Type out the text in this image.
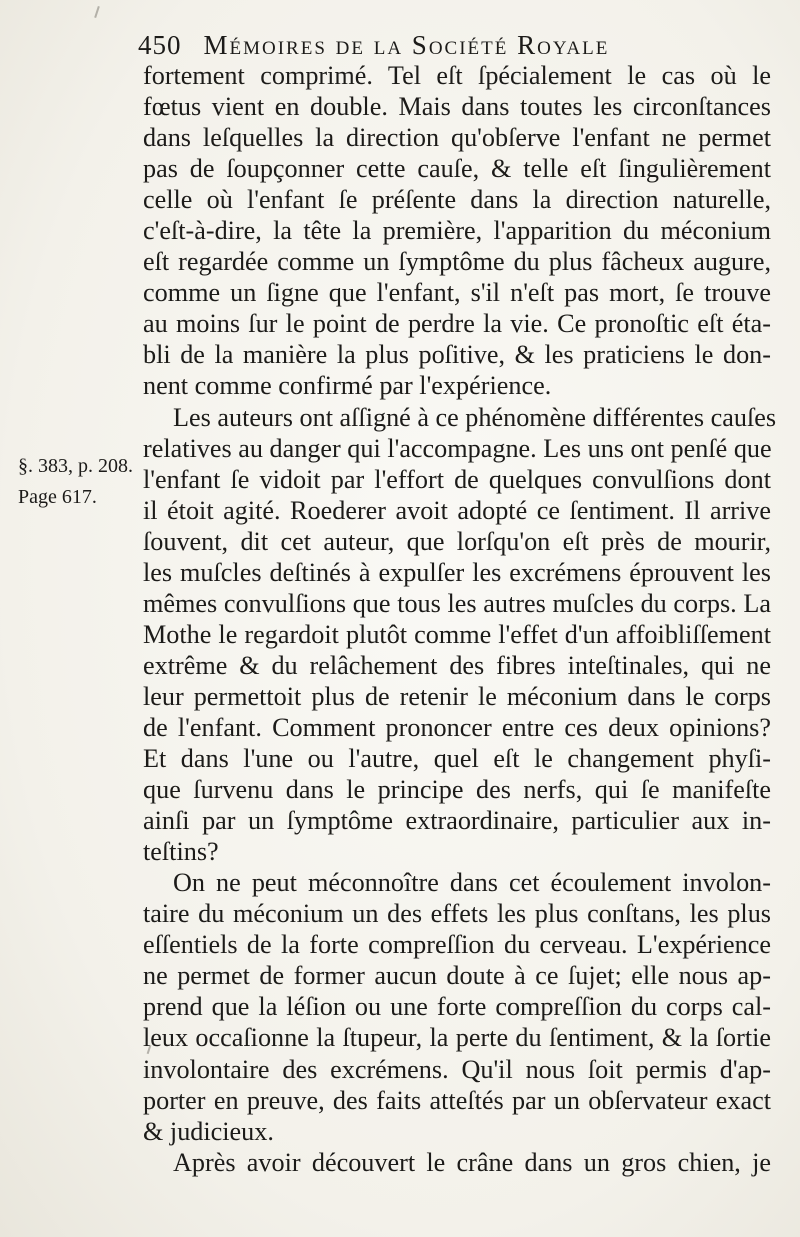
450 Mémoires de la Société Royale
§. 383, p. 208.
Page 617.
fortement comprimé. Tel eſt ſpécialement le cas où le
fœtus vient en double. Mais dans toutes les circonſtances
dans leſquelles la direction qu'obſerve l'enfant ne permet
pas de ſoupçonner cette cauſe, & telle eſt ſingulièrement
celle où l'enfant ſe préſente dans la direction naturelle,
c'eſt-à-dire, la tête la première, l'apparition du méconium
eſt regardée comme un ſymptôme du plus fâcheux augure,
comme un ſigne que l'enfant, s'il n'eſt pas mort, ſe trouve
au moins ſur le point de perdre la vie. Ce pronoſtic eſt éta-
bli de la manière la plus poſitive, & les praticiens le don-
nent comme confirmé par l'expérience.
Les auteurs ont aſſigné à ce phénomène différentes cauſes
relatives au danger qui l'accompagne. Les uns ont penſé que
l'enfant ſe vidoit par l'effort de quelques convulſions dont
il étoit agité. Roederer avoit adopté ce ſentiment. Il arrive
ſouvent, dit cet auteur, que lorſqu'on eſt près de mourir,
les muſcles deſtinés à expulſer les excrémens éprouvent les
mêmes convulſions que tous les autres muſcles du corps. La
Mothe le regardoit plutôt comme l'effet d'un affoibliſſement
extrême & du relâchement des fibres inteſtinales, qui ne
leur permettoit plus de retenir le méconium dans le corps
de l'enfant. Comment prononcer entre ces deux opinions?
Et dans l'une ou l'autre, quel eſt le changement phyſi-
que ſurvenu dans le principe des nerfs, qui ſe manifeſte
ainſi par un ſymptôme extraordinaire, particulier aux in-
teſtins?
On ne peut méconnoître dans cet écoulement involon-
taire du méconium un des effets les plus conſtans, les plus
eſſentiels de la forte compreſſion du cerveau. L'expérience
ne permet de former aucun doute à ce ſujet; elle nous ap-
prend que la léſion ou une forte compreſſion du corps cal-
leux occaſionne la ſtupeur, la perte du ſentiment, & la ſortie
involontaire des excrémens. Qu'il nous ſoit permis d'ap-
porter en preuve, des faits atteſtés par un obſervateur exact
& judicieux.
Après avoir découvert le crâne dans un gros chien, je
